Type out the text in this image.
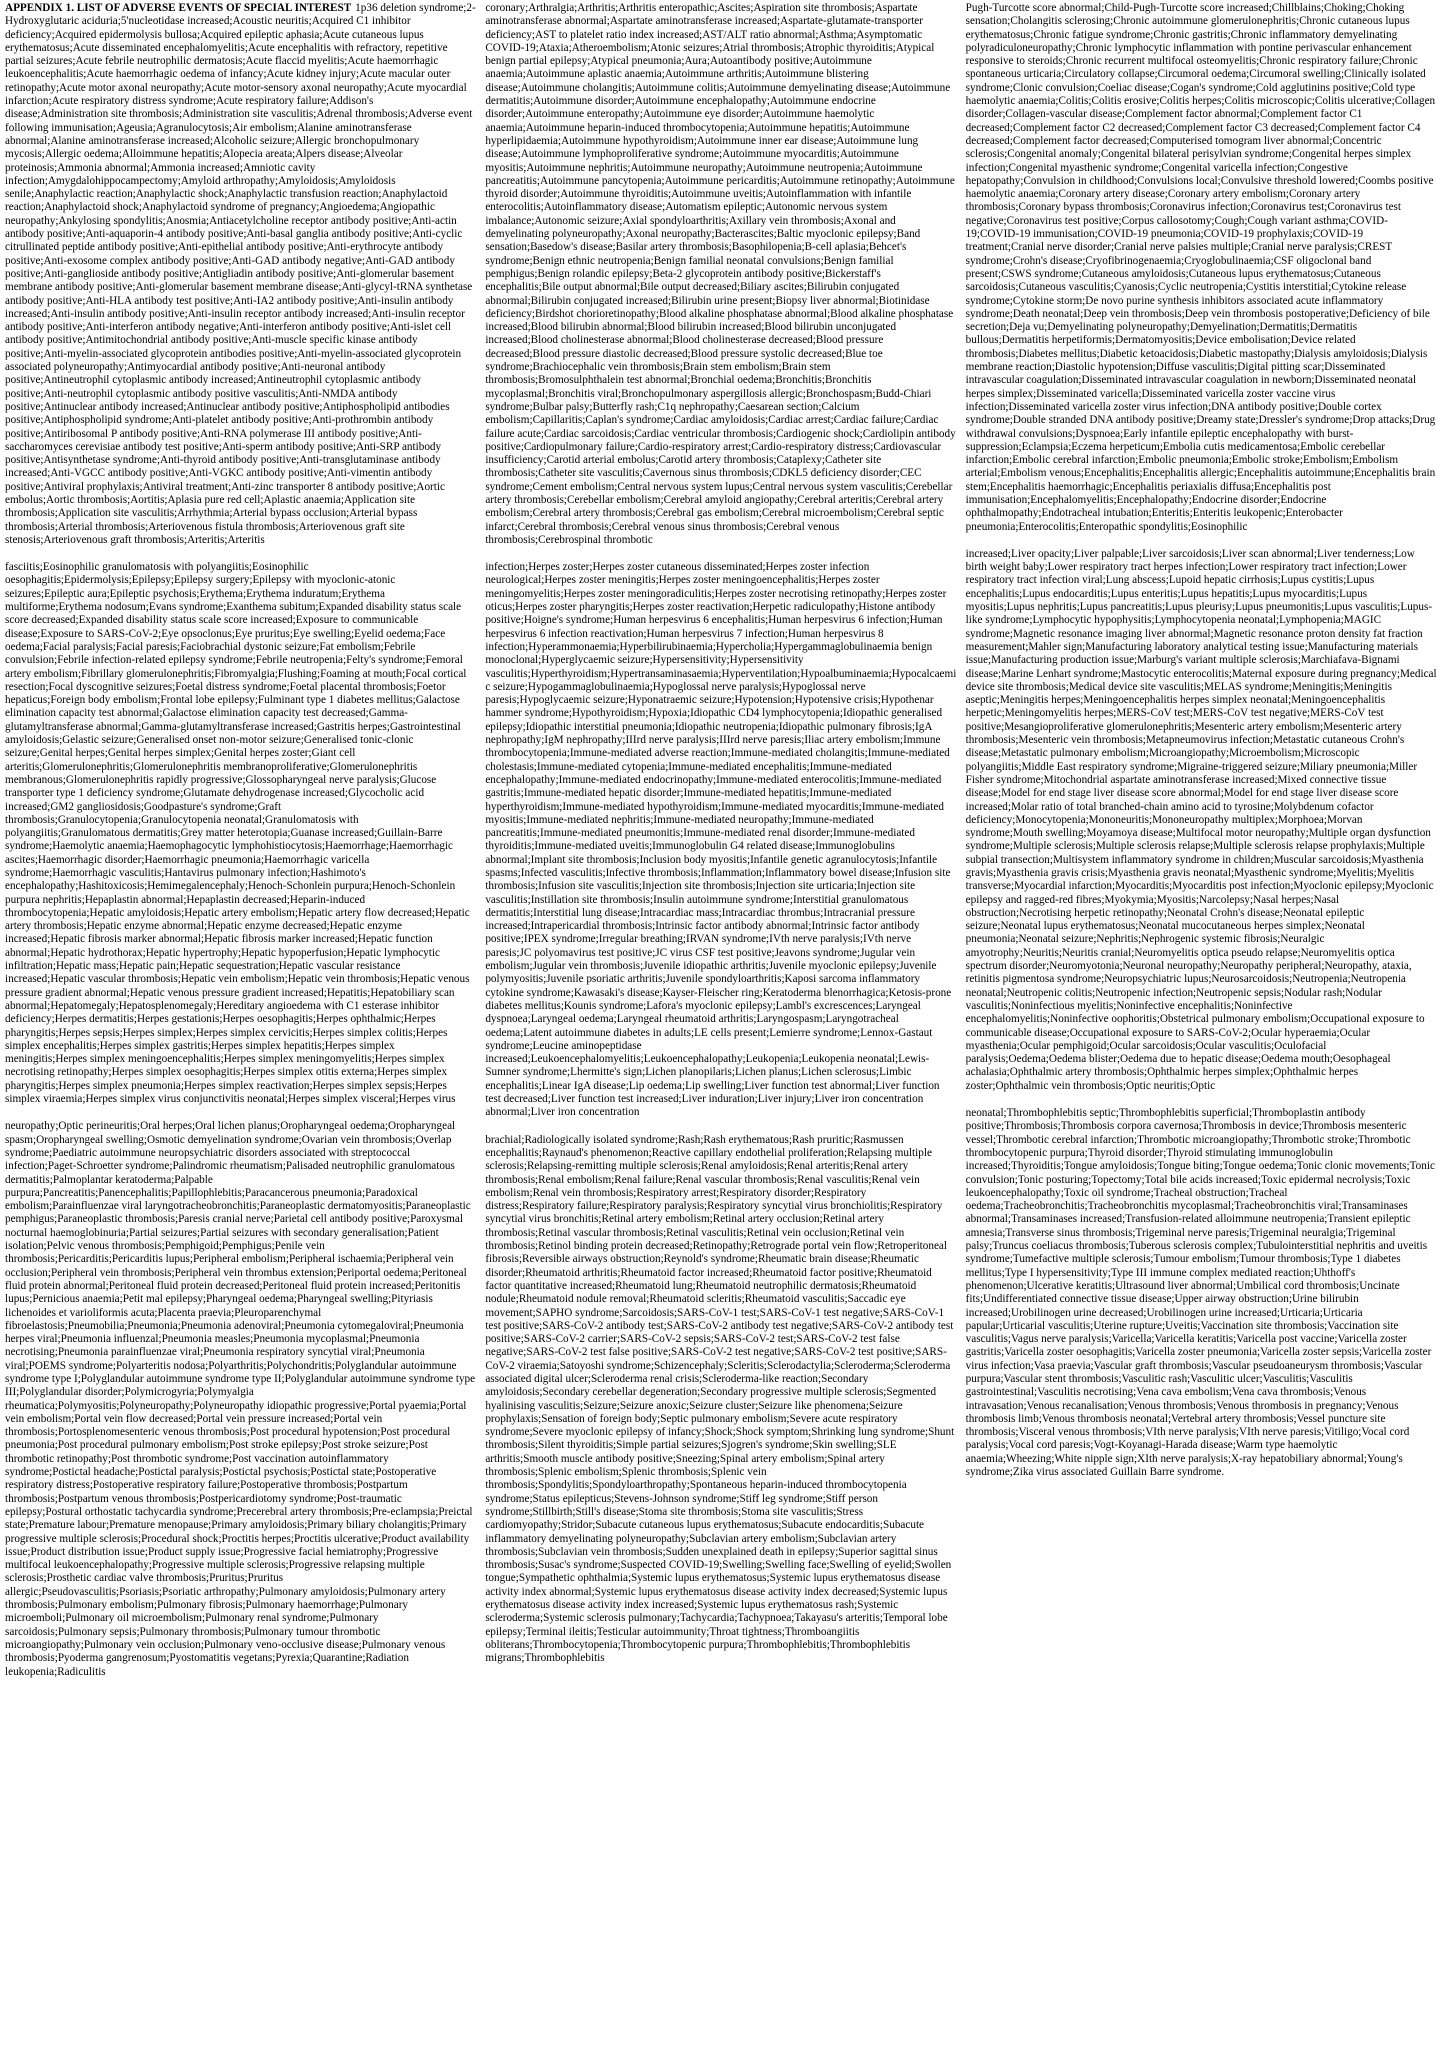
APPENDIX 1. LIST OF ADVERSE EVENTS OF SPECIAL INTEREST 1p36 deletion syndrome;2-Hydroxyglutaric aciduria;5'nucleotidase increased;Acoustic neuritis;Acquired C1 inhibitor deficiency;Acquired epidermolysis bullosa;Acquired epileptic aphasia;Acute cutaneous lupus erythematosus;Acute disseminated encephalomyelitis;Acute encephalitis with refractory, repetitive partial seizures;Acute febrile neutrophilic dermatosis;Acute flaccid myelitis;Acute haemorrhagic leukoencephalitis;Acute haemorrhagic oedema of infancy;Acute kidney injury;Acute macular outer retinopathy;Acute motor axonal neuropathy;Acute motor-sensory axonal neuropathy;Acute myocardial infarction;Acute respiratory distress syndrome;Acute respiratory failure;Addison's disease;Administration site thrombosis;Administration site vasculitis;Adrenal thrombosis;Adverse event following immunisation;Ageusia;Agranulocytosis;Air embolism;Alanine aminotransferase abnormal;Alanine aminotransferase increased;Alcoholic seizure;Allergic bronchopulmonary mycosis;Allergic oedema;Alloimmune hepatitis;Alopecia areata;Alpers disease;Alveolar proteinosis;Ammonia abnormal;Ammonia increased;Amniotic cavity infection;Amygdalohippocampectomy;Amyloid arthropathy;Amyloidosis;Amyloidosis senile;Anaphylactic reaction;Anaphylactic shock;Anaphylactic transfusion reaction;Anaphylactoid reaction;Anaphylactoid shock;Anaphylactoid syndrome of pregnancy;Angioedema;Angiopathic neuropathy;Ankylosing spondylitis;Anosmia;Antiacetylcholine receptor antibody positive;Anti-actin antibody positive;Anti-aquaporin-4 antibody positive;Anti-basal ganglia antibody positive;Anti-cyclic citrullinated peptide antibody positive;Anti-epithelial antibody positive;Anti-erythrocyte antibody positive;Anti-exosome complex antibody positive;Anti-GAD antibody negative;Anti-GAD antibody positive;Anti-ganglioside antibody positive;Antigliadin antibody positive;Anti-glomerular basement membrane antibody positive;Anti-glomerular basement membrane disease;Anti-glycyl-tRNA synthetase antibody positive;Anti-HLA antibody test positive;Anti-IA2 antibody positive;Anti-insulin antibody increased;Anti-insulin antibody positive;Anti-insulin receptor antibody increased;Anti-insulin receptor antibody positive;Anti-interferon antibody negative;Anti-interferon antibody positive;Anti-islet cell antibody positive;Antimitochondrial antibody positive;Anti-muscle specific kinase antibody positive;Anti-myelin-associated glycoprotein antibodies positive;Anti-myelin-associated glycoprotein associated polyneuropathy;Antimyocardial antibody positive;Anti-neuronal antibody positive;Antineutrophil cytoplasmic antibody increased;Antineutrophil cytoplasmic antibody positive;Anti-neutrophil cytoplasmic antibody positive vasculitis;Anti-NMDA antibody positive;Antinuclear antibody increased;Antinuclear antibody positive;Antiphospholipid antibodies positive;Antiphospholipid syndrome;Anti-platelet antibody positive;Anti-prothrombin antibody positive;Antiribosomal P antibody positive;Anti-RNA polymerase III antibody positive;Anti-saccharomyces cerevisiae antibody test positive;Anti-sperm antibody positive;Anti-SRP antibody positive;Antisynthetase syndrome;Anti-thyroid antibody positive;Anti-transglutaminase antibody increased;Anti-VGCC antibody positive;Anti-VGKC antibody positive;Anti-vimentin antibody positive;Antiviral prophylaxis;Antiviral treatment;Anti-zinc transporter 8 antibody positive;Aortic embolus;Aortic thrombosis;Aortitis;Aplasia pure red cell;Aplastic anaemia;Application site thrombosis;Application site vasculitis;Arrhythmia;Arterial bypass occlusion;Arterial bypass thrombosis;Arterial thrombosis;Arteriovenous fistula thrombosis;Arteriovenous graft site stenosis;Arteriovenous graft thrombosis;Arteritis;Arteritis

fasciitis;Eosinophilic granulomatosis with polyangiitis;Eosinophilic oesophagitis;Epidermolysis;Epilepsy;Epilepsy surgery;Epilepsy with myoclonic-atonic seizures;Epileptic aura;Epileptic psychosis;Erythema;Erythema induratum;Erythema multiforme;Erythema nodosum;Evans syndrome;Exanthema subitum;Expanded disability status scale score decreased;Expanded disability status scale score increased;Exposure to communicable disease;Exposure to SARS-CoV-2;Eye opsoclonus;Eye pruritus;Eye swelling;Eyelid oedema;Face oedema;Facial paralysis;Facial paresis;Faciobrachial dystonic seizure;Fat embolism;Febrile convulsion;Febrile infection-related epilepsy syndrome;Febrile neutropenia;Felty's syndrome;Femoral artery embolism;Fibrillary glomerulonephritis;Fibromyalgia;Flushing;Foaming at mouth;Focal cortical resection;Focal dyscognitive seizures;Foetal distress syndrome;Foetal placental thrombosis;Foetor hepaticus;Foreign body embolism;Frontal lobe epilepsy;Fulminant type 1 diabetes mellitus;Galactose elimination capacity test abnormal;Galactose elimination capacity test decreased;Gamma-glutamyltransferase abnormal;Gamma-glutamyltransferase increased;Gastritis herpes;Gastrointestinal amyloidosis;Gelastic seizure;Generalised onset non-motor seizure;Generalised tonic-clonic seizure;Genital herpes;Genital herpes simplex;Genital herpes zoster;Giant cell arteritis;Glomerulonephritis;Glomerulonephritis membranoproliferative;Glomerulonephritis membranous;Glomerulonephritis rapidly progressive;Glossopharyngeal nerve paralysis;Glucose transporter type 1 deficiency syndrome;Glutamate dehydrogenase increased;Glycocholic acid increased;GM2 gangliosidosis;Goodpasture's syndrome;Graft thrombosis;Granulocytopenia;Granulocytopenia neonatal;Granulomatosis with polyangiitis;Granulomatous dermatitis;Grey matter heterotopia;Guanase increased;Guillain-Barre syndrome;Haemolytic anaemia;Haemophagocytic lymphohistiocytosis;Haemorrhage;Haemorrhagic ascites;Haemorrhagic disorder;Haemorrhagic pneumonia;Haemorrhagic varicella syndrome;Haemorrhagic vasculitis;Hantavirus pulmonary infection;Hashimoto's encephalopathy;Hashitoxicosis;Hemimegalencephaly;Henoch-Schonlein purpura;Henoch-Schonlein purpura nephritis;Hepaplastin abnormal;Hepaplastin decreased;Heparin-induced thrombocytopenia;Hepatic amyloidosis;Hepatic artery embolism;Hepatic artery flow decreased;Hepatic artery thrombosis;Hepatic enzyme abnormal;Hepatic enzyme decreased;Hepatic enzyme increased;Hepatic fibrosis marker abnormal;Hepatic fibrosis marker increased;Hepatic function abnormal;Hepatic hydrothorax;Hepatic hypertrophy;Hepatic hypoperfusion;Hepatic lymphocytic infiltration;Hepatic mass;Hepatic pain;Hepatic sequestration;Hepatic vascular resistance increased;Hepatic vascular thrombosis;Hepatic vein embolism;Hepatic vein thrombosis;Hepatic venous pressure gradient abnormal;Hepatic venous pressure gradient increased;Hepatitis;Hepatobiliary scan abnormal;Hepatomegaly;Hepatosplenomegaly;Hereditary angioedema with C1 esterase inhibitor deficiency;Herpes dermatitis;Herpes gestationis;Herpes oesophagitis;Herpes ophthalmic;Herpes pharyngitis;Herpes sepsis;Herpes simplex;Herpes simplex cervicitis;Herpes simplex colitis;Herpes simplex encephalitis;Herpes simplex gastritis;Herpes simplex hepatitis;Herpes simplex meningitis;Herpes simplex meningoencephalitis;Herpes simplex meningomyelitis;Herpes simplex necrotising retinopathy;Herpes simplex oesophagitis;Herpes simplex otitis externa;Herpes simplex pharyngitis;Herpes simplex pneumonia;Herpes simplex reactivation;Herpes simplex sepsis;Herpes simplex viraemia;Herpes simplex virus conjunctivitis neonatal;Herpes simplex visceral;Herpes virus

neuropathy;Optic perineuritis;Oral herpes;Oral lichen planus;Oropharyngeal oedema;Oropharyngeal spasm;Oropharyngeal swelling;Osmotic demyelination syndrome;Ovarian vein thrombosis;Overlap syndrome;Paediatric autoimmune neuropsychiatric disorders associated with streptococcal infection;Paget-Schroetter syndrome;Palindromic rheumatism;Palisaded neutrophilic granulomatous dermatitis;Palmoplantar keratoderma;Palpable purpura;Pancreatitis;Panencephalitis;Papillophlebitis;Paracancerous pneumonia;Paradoxical embolism;Parainfluenzae viral laryngotracheobronchitis;Paraneoplastic dermatomyositis;Paraneoplastic pemphigus;Paraneoplastic thrombosis;Paresis cranial nerve;Parietal cell antibody positive;Paroxysmal nocturnal haemoglobinuria;Partial seizures;Partial seizures with secondary generalisation;Patient isolation;Pelvic venous thrombosis;Pemphigoid;Pemphigus;Penile vein thrombosis;Pericarditis;Pericarditis lupus;Peripheral embolism;Peripheral ischaemia;Peripheral vein occlusion;Peripheral vein thrombosis;Peripheral vein thrombus extension;Periportal oedema;Peritoneal fluid protein abnormal;Peritoneal fluid protein decreased;Peritoneal fluid protein increased;Peritonitis lupus;Pernicious anaemia;Petit mal epilepsy;Pharyngeal oedema;Pharyngeal swelling;Pityriasis lichenoides et varioliformis acuta;Placenta praevia;Pleuroparenchymal fibroelastosis;Pneumobilia;Pneumonia;Pneumonia adenoviral;Pneumonia cytomegaloviral;Pneumonia herpes viral;Pneumonia influenzal;Pneumonia measles;Pneumonia mycoplasmal;Pneumonia necrotising;Pneumonia parainfluenzae viral;Pneumonia respiratory syncytial viral;Pneumonia viral;POEMS syndrome;Polyarteritis nodosa;Polyarthritis;Polychondritis;Polyglandular autoimmune syndrome type I;Polyglandular autoimmune syndrome type II;Polyglandular autoimmune syndrome type III;Polyglandular disorder;Polymicrogyria;Polymyalgia rheumatica;Polymyositis;Polyneuropathy;Polyneuropathy idiopathic progressive;Portal pyaemia;Portal vein embolism;Portal vein flow decreased;Portal vein pressure increased;Portal vein thrombosis;Portosplenomesenteric venous thrombosis;Post procedural hypotension;Post procedural pneumonia;Post procedural pulmonary embolism;Post stroke epilepsy;Post stroke seizure;Post thrombotic retinopathy;Post thrombotic syndrome;Post vaccination autoinflammatory syndrome;Postictal headache;Postictal paralysis;Postictal psychosis;Postictal state;Postoperative respiratory distress;Postoperative respiratory failure;Postoperative thrombosis;Postpartum thrombosis;Postpartum venous thrombosis;Postpericardiotomy syndrome;Post-traumatic epilepsy;Postural orthostatic tachycardia syndrome;Precerebral artery thrombosis;Pre-eclampsia;Preictal state;Premature labour;Premature menopause;Primary amyloidosis;Primary biliary cholangitis;Primary progressive multiple sclerosis;Procedural shock;Proctitis herpes;Proctitis ulcerative;Product availability issue;Product distribution issue;Product supply issue;Progressive facial hemiatrophy;Progressive multifocal leukoencephalopathy;Progressive multiple sclerosis;Progressive relapsing multiple sclerosis;Prosthetic cardiac valve thrombosis;Pruritus;Pruritus allergic;Pseudovasculitis;Psoriasis;Psoriatic arthropathy;Pulmonary amyloidosis;Pulmonary artery thrombosis;Pulmonary embolism;Pulmonary fibrosis;Pulmonary haemorrhage;Pulmonary microemboli;Pulmonary oil microembolism;Pulmonary renal syndrome;Pulmonary sarcoidosis;Pulmonary sepsis;Pulmonary thrombosis;Pulmonary tumour thrombotic microangiopathy;Pulmonary vein occlusion;Pulmonary veno-occlusive disease;Pulmonary venous thrombosis;Pyoderma gangrenosum;Pyostomatitis vegetans;Pyrexia;Quarantine;Radiation leukopenia;Radiculitis

coronary;Arthralgia;Arthritis;Arthritis enteropathic;Ascites;Aspiration site thrombosis;Aspartate aminotransferase abnormal;Aspartate aminotransferase increased;Aspartate-glutamate-transporter deficiency;AST to platelet ratio index increased;AST/ALT ratio abnormal;Asthma;Asymptomatic COVID-19;Ataxia;Atheroembolism;Atonic seizures;Atrial thrombosis;Atrophic thyroiditis;Atypical benign partial epilepsy;Atypical pneumonia;Aura;Autoantibody positive;Autoimmune anaemia;Autoimmune aplastic anaemia;Autoimmune arthritis;Autoimmune blistering disease;Autoimmune cholangitis;Autoimmune colitis;Autoimmune demyelinating disease;Autoimmune dermatitis;Autoimmune disorder;Autoimmune encephalopathy;Autoimmune endocrine disorder;Autoimmune enteropathy;Autoimmune eye disorder;Autoimmune haemolytic anaemia;Autoimmune heparin-induced thrombocytopenia;Autoimmune hepatitis;Autoimmune hyperlipidaemia;Autoimmune hypothyroidism;Autoimmune inner ear disease;Autoimmune lung disease;Autoimmune lymphoproliferative syndrome;Autoimmune myocarditis;Autoimmune myositis;Autoimmune nephritis;Autoimmune neuropathy;Autoimmune neutropenia;Autoimmune pancreatitis;Autoimmune pancytopenia;Autoimmune pericarditis;Autoimmune retinopathy;Autoimmune thyroid disorder;Autoimmune thyroiditis;Autoimmune uveitis;Autoinflammation with infantile enterocolitis;Autoinflammatory disease;Automatism epileptic;Autonomic nervous system imbalance;Autonomic seizure;Axial spondyloarthritis;Axillary vein thrombosis;Axonal and demyelinating polyneuropathy;Axonal neuropathy;Bacterascites;Baltic myoclonic epilepsy;Band sensation;Basedow's disease;Basilar artery thrombosis;Basophilopenia;B-cell aplasia;Behcet's syndrome;Benign ethnic neutropenia;Benign familial neonatal convulsions;Benign familial pemphigus;Benign rolandic epilepsy;Beta-2 glycoprotein antibody positive;Bickerstaff's encephalitis;Bile output abnormal;Bile output decreased;Biliary ascites;Bilirubin conjugated abnormal;Bilirubin conjugated increased;Bilirubin urine present;Biopsy liver abnormal;Biotinidase deficiency;Birdshot chorioretinopathy;Blood alkaline phosphatase abnormal;Blood alkaline phosphatase increased;Blood bilirubin abnormal;Blood bilirubin increased;Blood bilirubin unconjugated increased;Blood cholinesterase abnormal;Blood cholinesterase decreased;Blood pressure decreased;Blood pressure diastolic decreased;Blood pressure systolic decreased;Blue toe syndrome;Brachiocephalic vein thrombosis;Brain stem embolism;Brain stem thrombosis;Bromosulphthalein test abnormal;Bronchial oedema;Bronchitis;Bronchitis mycoplasmal;Bronchitis viral;Bronchopulmonary aspergillosis allergic;Bronchospasm;Budd-Chiari syndrome;Bulbar palsy;Butterfly rash;C1q nephropathy;Caesarean section;Calcium embolism;Capillaritis;Caplan's syndrome;Cardiac amyloidosis;Cardiac arrest;Cardiac failure;Cardiac failure acute;Cardiac sarcoidosis;Cardiac ventricular thrombosis;Cardiogenic shock;Cardiolipin antibody positive;Cardiopulmonary failure;Cardio-respiratory arrest;Cardio-respiratory distress;Cardiovascular insufficiency;Carotid arterial embolus;Carotid artery thrombosis;Cataplexy;Catheter site thrombosis;Catheter site vasculitis;Cavernous sinus thrombosis;CDKL5 deficiency disorder;CEC syndrome;Cement embolism;Central nervous system lupus;Central nervous system vasculitis;Cerebellar artery thrombosis;Cerebellar embolism;Cerebral amyloid angiopathy;Cerebral arteritis;Cerebral artery embolism;Cerebral artery thrombosis;Cerebral gas embolism;Cerebral microembolism;Cerebral septic infarct;Cerebral thrombosis;Cerebral venous sinus thrombosis;Cerebral venous thrombosis;Cerebrospinal thrombotic

infection;Herpes zoster;Herpes zoster cutaneous disseminated;Herpes zoster infection neurological;Herpes zoster meningitis;Herpes zoster meningoencephalitis;Herpes zoster meningomyelitis;Herpes zoster meningoradiculitis;Herpes zoster necrotising retinopathy;Herpes zoster oticus;Herpes zoster pharyngitis;Herpes zoster reactivation;Herpetic radiculopathy;Histone antibody positive;Hoigne's syndrome;Human herpesvirus 6 encephalitis;Human herpesvirus 6 infection;Human herpesvirus 6 infection reactivation;Human herpesvirus 7 infection;Human herpesvirus 8 infection;Hyperammonaemia;Hyperbilirubinaemia;Hypercholia;Hypergammaglobulinaemia benign monoclonal;Hyperglycaemic seizure;Hypersensitivity;Hypersensitivity vasculitis;Hyperthyroidism;Hypertransaminasaemia;Hyperventilation;Hypoalbuminaemia;Hypocalcaemic seizure;Hypogammaglobulinaemia;Hypoglossal nerve paralysis;Hypoglossal nerve paresis;Hypoglycaemic seizure;Hyponatraemic seizure;Hypotension;Hypotensive crisis;Hypothenar hammer syndrome;Hypothyroidism;Hypoxia;Idiopathic CD4 lymphocytopenia;Idiopathic generalised epilepsy;Idiopathic interstitial pneumonia;Idiopathic neutropenia;Idiopathic pulmonary fibrosis;IgA nephropathy;IgM nephropathy;IIIrd nerve paralysis;IIIrd nerve paresis;Iliac artery embolism;Immune thrombocytopenia;Immune-mediated adverse reaction;Immune-mediated cholangitis;Immune-mediated cholestasis;Immune-mediated cytopenia;Immune-mediated encephalitis;Immune-mediated encephalopathy;Immune-mediated endocrinopathy;Immune-mediated enterocolitis;Immune-mediated gastritis;Immune-mediated hepatic disorder;Immune-mediated hepatitis;Immune-mediated hyperthyroidism;Immune-mediated hypothyroidism;Immune-mediated myocarditis;Immune-mediated myositis;Immune-mediated nephritis;Immune-mediated neuropathy;Immune-mediated pancreatitis;Immune-mediated pneumonitis;Immune-mediated renal disorder;Immune-mediated thyroiditis;Immune-mediated uveitis;Immunoglobulin G4 related disease;Immunoglobulins abnormal;Implant site thrombosis;Inclusion body myositis;Infantile genetic agranulocytosis;Infantile spasms;Infected vasculitis;Infective thrombosis;Inflammation;Inflammatory bowel disease;Infusion site thrombosis;Infusion site vasculitis;Injection site thrombosis;Injection site urticaria;Injection site vasculitis;Instillation site thrombosis;Insulin autoimmune syndrome;Interstitial granulomatous dermatitis;Interstitial lung disease;Intracardiac mass;Intracardiac thrombus;Intracranial pressure increased;Intrapericardial thrombosis;Intrinsic factor antibody abnormal;Intrinsic factor antibody positive;IPEX syndrome;Irregular breathing;IRVAN syndrome;IVth nerve paralysis;IVth nerve paresis;JC polyomavirus test positive;JC virus CSF test positive;Jeavons syndrome;Jugular vein embolism;Jugular vein thrombosis;Juvenile idiopathic arthritis;Juvenile myoclonic epilepsy;Juvenile polymyositis;Juvenile psoriatic arthritis;Juvenile spondyloarthritis;Kaposi sarcoma inflammatory cytokine syndrome;Kawasaki's disease;Kayser-Fleischer ring;Keratoderma blenorrhagica;Ketosis-prone diabetes mellitus;Kounis syndrome;Lafora's myoclonic epilepsy;Lambl's excrescences;Laryngeal dyspnoea;Laryngeal oedema;Laryngeal rheumatoid arthritis;Laryngospasm;Laryngotracheal oedema;Latent autoimmune diabetes in adults;LE cells present;Lemierre syndrome;Lennox-Gastaut syndrome;Leucine aminopeptidase increased;Leukoencephalomyelitis;Leukoencephalopathy;Leukopenia;Leukopenia neonatal;Lewis-Sumner syndrome;Lhermitte's sign;Lichen planopilaris;Lichen planus;Lichen sclerosus;Limbic encephalitis;Linear IgA disease;Lip oedema;Lip swelling;Liver function test abnormal;Liver function test decreased;Liver function test increased;Liver induration;Liver injury;Liver iron concentration abnormal;Liver iron concentration

brachial;Radiologically isolated syndrome;Rash;Rash erythematous;Rash pruritic;Rasmussen encephalitis;Raynaud's phenomenon;Reactive capillary endothelial proliferation;Relapsing multiple sclerosis;Relapsing-remitting multiple sclerosis;Renal amyloidosis;Renal arteritis;Renal artery thrombosis;Renal embolism;Renal failure;Renal vascular thrombosis;Renal vasculitis;Renal vein embolism;Renal vein thrombosis;Respiratory arrest;Respiratory disorder;Respiratory distress;Respiratory failure;Respiratory paralysis;Respiratory syncytial virus bronchiolitis;Respiratory syncytial virus bronchitis;Retinal artery embolism;Retinal artery occlusion;Retinal artery thrombosis;Retinal vascular thrombosis;Retinal vasculitis;Retinal vein occlusion;Retinal vein thrombosis;Retinol binding protein decreased;Retinopathy;Retrograde portal vein flow;Retroperitoneal fibrosis;Reversible airways obstruction;Reynold's syndrome;Rheumatic brain disease;Rheumatic disorder;Rheumatoid arthritis;Rheumatoid factor increased;Rheumatoid factor positive;Rheumatoid factor quantitative increased;Rheumatoid lung;Rheumatoid neutrophilic dermatosis;Rheumatoid nodule;Rheumatoid nodule removal;Rheumatoid scleritis;Rheumatoid vasculitis;Saccadic eye movement;SAPHO syndrome;Sarcoidosis;SARS-CoV-1 test;SARS-CoV-1 test negative;SARS-CoV-1 test positive;SARS-CoV-2 antibody test;SARS-CoV-2 antibody test negative;SARS-CoV-2 antibody test positive;SARS-CoV-2 carrier;SARS-CoV-2 sepsis;SARS-CoV-2 test;SARS-CoV-2 test false negative;SARS-CoV-2 test false positive;SARS-CoV-2 test negative;SARS-CoV-2 test positive;SARS-CoV-2 viraemia;Satoyoshi syndrome;Schizencephaly;Scleritis;Sclerodactylia;Scleroderma;Scleroderma associated digital ulcer;Scleroderma renal crisis;Scleroderma-like reaction;Secondary amyloidosis;Secondary cerebellar degeneration;Secondary progressive multiple sclerosis;Segmented hyalinising vasculitis;Seizure;Seizure anoxic;Seizure cluster;Seizure like phenomena;Seizure prophylaxis;Sensation of foreign body;Septic pulmonary embolism;Severe acute respiratory syndrome;Severe myoclonic epilepsy of infancy;Shock;Shock symptom;Shrinking lung syndrome;Shunt thrombosis;Silent thyroiditis;Simple partial seizures;Sjogren's syndrome;Skin swelling;SLE arthritis;Smooth muscle antibody positive;Sneezing;Spinal artery embolism;Spinal artery thrombosis;Splenic embolism;Splenic thrombosis;Splenic vein thrombosis;Spondylitis;Spondyloarthropathy;Spontaneous heparin-induced thrombocytopenia syndrome;Status epilepticus;Stevens-Johnson syndrome;Stiff leg syndrome;Stiff person syndrome;Stillbirth;Still's disease;Stoma site thrombosis;Stoma site vasculitis;Stress cardiomyopathy;Stridor;Subacute cutaneous lupus erythematosus;Subacute endocarditis;Subacute inflammatory demyelinating polyneuropathy;Subclavian artery embolism;Subclavian artery thrombosis;Subclavian vein thrombosis;Sudden unexplained death in epilepsy;Superior sagittal sinus thrombosis;Susac's syndrome;Suspected COVID-19;Swelling;Swelling face;Swelling of eyelid;Swollen tongue;Sympathetic ophthalmia;Systemic lupus erythematosus;Systemic lupus erythematosus disease activity index abnormal;Systemic lupus erythematosus disease activity index decreased;Systemic lupus erythematosus disease activity index increased;Systemic lupus erythematosus rash;Systemic scleroderma;Systemic sclerosis pulmonary;Tachycardia;Tachypnoea;Takayasu's arteritis;Temporal lobe epilepsy;Terminal ileitis;Testicular autoimmunity;Throat tightness;Thromboangiitis obliterans;Thrombocytopenia;Thrombocytopenic purpura;Thrombophlebitis;Thrombophlebitis migrans;Thrombophlebitis

Pugh-Turcotte score abnormal;Child-Pugh-Turcotte score increased;Chillblains;Choking;Choking sensation;Cholangitis sclerosing;Chronic autoimmune glomerulonephritis;Chronic cutaneous lupus erythematosus;Chronic fatigue syndrome;Chronic gastritis;Chronic inflammatory demyelinating polyradiculoneuropathy;Chronic lymphocytic inflammation with pontine perivascular enhancement responsive to steroids;Chronic recurrent multifocal osteomyelitis;Chronic respiratory failure;Chronic spontaneous urticaria;Circulatory collapse;Circumoral oedema;Circumoral swelling;Clinically isolated syndrome;Clonic convulsion;Coeliac disease;Cogan's syndrome;Cold agglutinins positive;Cold type haemolytic anaemia;Colitis;Colitis erosive;Colitis herpes;Colitis microscopic;Colitis ulcerative;Collagen disorder;Collagen-vascular disease;Complement factor abnormal;Complement factor C1 decreased;Complement factor C2 decreased;Complement factor C3 decreased;Complement factor C4 decreased;Complement factor decreased;Computerised tomogram liver abnormal;Concentric sclerosis;Congenital anomaly;Congenital bilateral perisylvian syndrome;Congenital herpes simplex infection;Congenital myasthenic syndrome;Congenital varicella infection;Congestive hepatopathy;Convulsion in childhood;Convulsions local;Convulsive threshold lowered;Coombs positive haemolytic anaemia;Coronary artery disease;Coronary artery embolism;Coronary artery thrombosis;Coronary bypass thrombosis;Coronavirus infection;Coronavirus test;Coronavirus test negative;Coronavirus test positive;Corpus callosotomy;Cough;Cough variant asthma;COVID-19;COVID-19 immunisation;COVID-19 pneumonia;COVID-19 prophylaxis;COVID-19 treatment;Cranial nerve disorder;Cranial nerve palsies multiple;Cranial nerve paralysis;CREST syndrome;Crohn's disease;Cryofibrinogenaemia;Cryoglobulinaemia;CSF oligoclonal band present;CSWS syndrome;Cutaneous amyloidosis;Cutaneous lupus erythematosus;Cutaneous sarcoidosis;Cutaneous vasculitis;Cyanosis;Cyclic neutropenia;Cystitis interstitial;Cytokine release syndrome;Cytokine storm;De novo purine synthesis inhibitors associated acute inflammatory syndrome;Death neonatal;Deep vein thrombosis;Deep vein thrombosis postoperative;Deficiency of bile secretion;Deja vu;Demyelinating polyneuropathy;Demyelination;Dermatitis;Dermatitis bullous;Dermatitis herpetiformis;Dermatomyositis;Device embolisation;Device related thrombosis;Diabetes mellitus;Diabetic ketoacidosis;Diabetic mastopathy;Dialysis amyloidosis;Dialysis membrane reaction;Diastolic hypotension;Diffuse vasculitis;Digital pitting scar;Disseminated intravascular coagulation;Disseminated intravascular coagulation in newborn;Disseminated neonatal herpes simplex;Disseminated varicella;Disseminated varicella zoster vaccine virus infection;Disseminated varicella zoster virus infection;DNA antibody positive;Double cortex syndrome;Double stranded DNA antibody positive;Dreamy state;Dressler's syndrome;Drop attacks;Drug withdrawal convulsions;Dyspnoea;Early infantile epileptic encephalopathy with burst-suppression;Eclampsia;Eczema herpeticum;Embolia cutis medicamentosa;Embolic cerebellar infarction;Embolic cerebral infarction;Embolic pneumonia;Embolic stroke;Embolism;Embolism arterial;Embolism venous;Encephalitis;Encephalitis allergic;Encephalitis autoimmune;Encephalitis brain stem;Encephalitis haemorrhagic;Encephalitis periaxialis diffusa;Encephalitis post immunisation;Encephalomyelitis;Encephalopathy;Endocrine disorder;Endocrine ophthalmopathy;Endotracheal intubation;Enteritis;Enteritis leukopenic;Enterobacter pneumonia;Enterocolitis;Enteropathic spondylitis;Eosinophilic

increased;Liver opacity;Liver palpable;Liver sarcoidosis;Liver scan abnormal;Liver tenderness;Low birth weight baby;Lower respiratory tract herpes infection;Lower respiratory tract infection;Lower respiratory tract infection viral;Lung abscess;Lupoid hepatic cirrhosis;Lupus cystitis;Lupus encephalitis;Lupus endocarditis;Lupus enteritis;Lupus hepatitis;Lupus myocarditis;Lupus myositis;Lupus nephritis;Lupus pancreatitis;Lupus pleurisy;Lupus pneumonitis;Lupus vasculitis;Lupus-like syndrome;Lymphocytic hypophysitis;Lymphocytopenia neonatal;Lymphopenia;MAGIC syndrome;Magnetic resonance imaging liver abnormal;Magnetic resonance proton density fat fraction measurement;Mahler sign;Manufacturing laboratory analytical testing issue;Manufacturing materials issue;Manufacturing production issue;Marburg's variant multiple sclerosis;Marchiafava-Bignami disease;Marine Lenhart syndrome;Mastocytic enterocolitis;Maternal exposure during pregnancy;Medical device site thrombosis;Medical device site vasculitis;MELAS syndrome;Meningitis;Meningitis aseptic;Meningitis herpes;Meningoencephalitis herpes simplex neonatal;Meningoencephalitis herpetic;Meningomyelitis herpes;MERS-CoV test;MERS-CoV test negative;MERS-CoV test positive;Mesangioproliferative glomerulonephritis;Mesenteric artery embolism;Mesenteric artery thrombosis;Mesenteric vein thrombosis;Metapneumovirus infection;Metastatic cutaneous Crohn's disease;Metastatic pulmonary embolism;Microangiopathy;Microembolism;Microscopic polyangiitis;Middle East respiratory syndrome;Migraine-triggered seizure;Miliary pneumonia;Miller Fisher syndrome;Mitochondrial aspartate aminotransferase increased;Mixed connective tissue disease;Model for end stage liver disease score abnormal;Model for end stage liver disease score increased;Molar ratio of total branched-chain amino acid to tyrosine;Molybdenum cofactor deficiency;Monocytopenia;Mononeuritis;Mononeuropathy multiplex;Morphoea;Morvan syndrome;Mouth swelling;Moyamoya disease;Multifocal motor neuropathy;Multiple organ dysfunction syndrome;Multiple sclerosis;Multiple sclerosis relapse;Multiple sclerosis relapse prophylaxis;Multiple subpial transection;Multisystem inflammatory syndrome in children;Muscular sarcoidosis;Myasthenia gravis;Myasthenia gravis crisis;Myasthenia gravis neonatal;Myasthenic syndrome;Myelitis;Myelitis transverse;Myocardial infarction;Myocarditis;Myocarditis post infection;Myoclonic epilepsy;Myoclonic epilepsy and ragged-red fibres;Myokymia;Myositis;Narcolepsy;Nasal herpes;Nasal obstruction;Necrotising herpetic retinopathy;Neonatal Crohn's disease;Neonatal epileptic seizure;Neonatal lupus erythematosus;Neonatal mucocutaneous herpes simplex;Neonatal pneumonia;Neonatal seizure;Nephritis;Nephrogenic systemic fibrosis;Neuralgic amyotrophy;Neuritis;Neuritis cranial;Neuromyelitis optica pseudo relapse;Neuromyelitis optica spectrum disorder;Neuromyotonia;Neuronal neuropathy;Neuropathy peripheral;Neuropathy, ataxia, retinitis pigmentosa syndrome;Neuropsychiatric lupus;Neurosarcoidosis;Neutropenia;Neutropenia neonatal;Neutropenic colitis;Neutropenic infection;Neutropenic sepsis;Nodular rash;Nodular vasculitis;Noninfectious myelitis;Noninfective encephalitis;Noninfective encephalomyelitis;Noninfective oophoritis;Obstetrical pulmonary embolism;Occupational exposure to communicable disease;Occupational exposure to SARS-CoV-2;Ocular hyperaemia;Ocular myasthenia;Ocular pemphigoid;Ocular sarcoidosis;Ocular vasculitis;Oculofacial paralysis;Oedema;Oedema blister;Oedema due to hepatic disease;Oedema mouth;Oesophageal achalasia;Ophthalmic artery thrombosis;Ophthalmic herpes simplex;Ophthalmic herpes zoster;Ophthalmic vein thrombosis;Optic neuritis;Optic

neonatal;Thrombophlebitis septic;Thrombophlebitis superficial;Thromboplastin antibody positive;Thrombosis;Thrombosis corpora cavernosa;Thrombosis in device;Thrombosis mesenteric vessel;Thrombotic cerebral infarction;Thrombotic microangiopathy;Thrombotic stroke;Thrombotic thrombocytopenic purpura;Thyroid disorder;Thyroid stimulating immunoglobulin increased;Thyroiditis;Tongue amyloidosis;Tongue biting;Tongue oedema;Tonic clonic movements;Tonic convulsion;Tonic posturing;Topectomy;Total bile acids increased;Toxic epidermal necrolysis;Toxic leukoencephalopathy;Toxic oil syndrome;Tracheal obstruction;Tracheal oedema;Tracheobronchitis;Tracheobronchitis mycoplasmal;Tracheobronchitis viral;Transaminases abnormal;Transaminases increased;Transfusion-related alloimmune neutropenia;Transient epileptic amnesia;Transverse sinus thrombosis;Trigeminal nerve paresis;Trigeminal neuralgia;Trigeminal palsy;Truncus coeliacus thrombosis;Tuberous sclerosis complex;Tubulointerstitial nephritis and uveitis syndrome;Tumefactive multiple sclerosis;Tumour embolism;Tumour thrombosis;Type 1 diabetes mellitus;Type I hypersensitivity;Type III immune complex mediated reaction;Uhthoff's phenomenon;Ulcerative keratitis;Ultrasound liver abnormal;Umbilical cord thrombosis;Uncinate fits;Undifferentiated connective tissue disease;Upper airway obstruction;Urine bilirubin increased;Urobilinogen urine decreased;Urobilinogen urine increased;Urticaria;Urticaria papular;Urticarial vasculitis;Uterine rupture;Uveitis;Vaccination site thrombosis;Vaccination site vasculitis;Vagus nerve paralysis;Varicella;Varicella keratitis;Varicella post vaccine;Varicella zoster gastritis;Varicella zoster oesophagitis;Varicella zoster pneumonia;Varicella zoster sepsis;Varicella zoster virus infection;Vasa praevia;Vascular graft thrombosis;Vascular pseudoaneurysm thrombosis;Vascular purpura;Vascular stent thrombosis;Vasculitic rash;Vasculitic ulcer;Vasculitis;Vasculitis gastrointestinal;Vasculitis necrotising;Vena cava embolism;Vena cava thrombosis;Venous intravasation;Venous recanalisation;Venous thrombosis;Venous thrombosis in pregnancy;Venous thrombosis limb;Venous thrombosis neonatal;Vertebral artery thrombosis;Vessel puncture site thrombosis;Visceral venous thrombosis;VIth nerve paralysis;VIth nerve paresis;Vitiligo;Vocal cord paralysis;Vocal cord paresis;Vogt-Koyanagi-Harada disease;Warm type haemolytic anaemia;Wheezing;White nipple sign;XIth nerve paralysis;X-ray hepatobiliary abnormal;Young's syndrome;Zika virus associated Guillain Barre syndrome.
